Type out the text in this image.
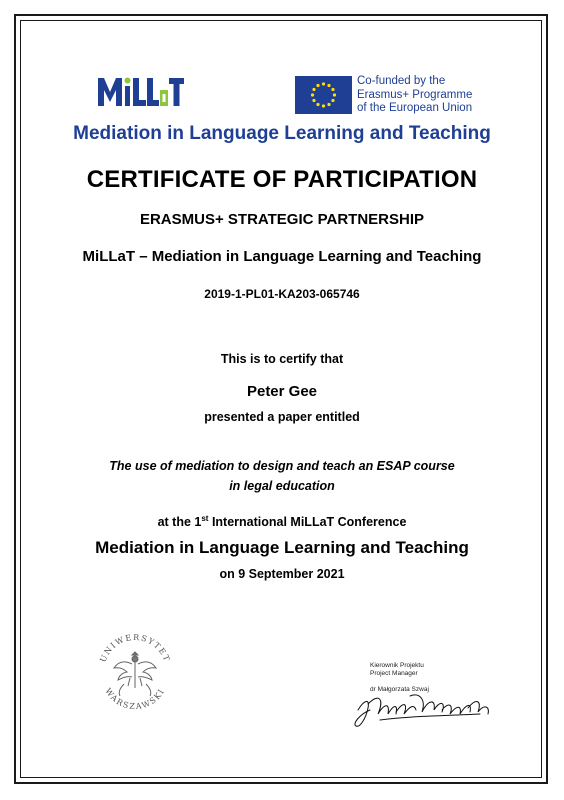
Co-funded by the
Erasmus+ Programme
of the European Union
Mediation in Language Learning and Teaching
CERTIFICATE OF PARTICIPATION
ERASMUS+ STRATEGIC PARTNERSHIP
MiLLaT – Mediation in Language Learning and Teaching
2019-1-PL01-KA203-065746
This is to certify that
Peter Gee
presented a paper entitled
The use of mediation to design and teach an ESAP course
in legal education
at the 1st International MiLLaT Conference
Mediation in Language Learning and Teaching
on 9 September 2021
UNIWERSYTET
WARSZAWSKI
Kierownik Projektu
Project Manager
dr Małgorzata Szwaj
